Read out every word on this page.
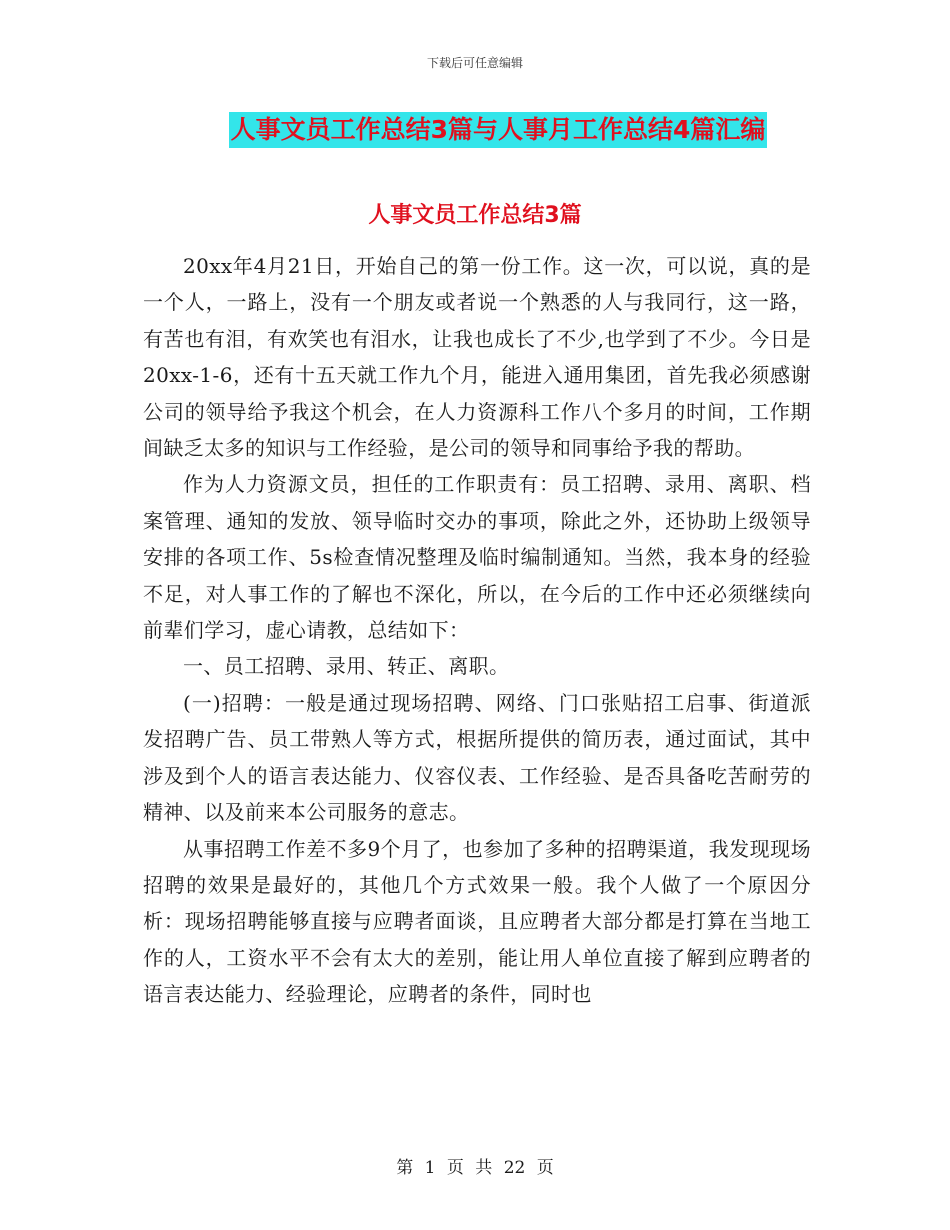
下载后可任意编辑
人事文员工作总结3篇与人事月工作总结4篇汇编
人事文员工作总结3篇

20xx年4月21日，开始自己的第一份工作。这一次，可以说，真的是一个人，一路上，没有一个朋友或者说一个熟悉的人与我同行，这一路，有苦也有泪，有欢笑也有泪水，让我也成长了不少,也学到了不少。今日是20xx-1-6，还有十五天就工作九个月，能进入通用集团，首先我必须感谢公司的领导给予我这个机会，在人力资源科工作八个多月的时间，工作期间缺乏太多的知识与工作经验，是公司的领导和同事给予我的帮助。

作为人力资源文员，担任的工作职责有：员工招聘、录用、离职、档案管理、通知的发放、领导临时交办的事项，除此之外，还协助上级领导安排的各项工作、5s检查情况整理及临时编制通知。当然，我本身的经验不足，对人事工作的了解也不深化，所以，在今后的工作中还必须继续向前辈们学习，虚心请教，总结如下：

一、员工招聘、录用、转正、离职。

(一)招聘：一般是通过现场招聘、网络、门口张贴招工启事、街道派发招聘广告、员工带熟人等方式，根据所提供的简历表，通过面试，其中涉及到个人的语言表达能力、仪容仪表、工作经验、是否具备吃苦耐劳的精神、以及前来本公司服务的意志。

从事招聘工作差不多9个月了，也参加了多种的招聘渠道，我发现现场招聘的效果是最好的，其他几个方式效果一般。我个人做了一个原因分析：现场招聘能够直接与应聘者面谈，且应聘者大部分都是打算在当地工作的人，工资水平不会有太大的差别，能让用人单位直接了解到应聘者的语言表达能力、经验理论，应聘者的条件，同时也

第 1 页 共 22 页
